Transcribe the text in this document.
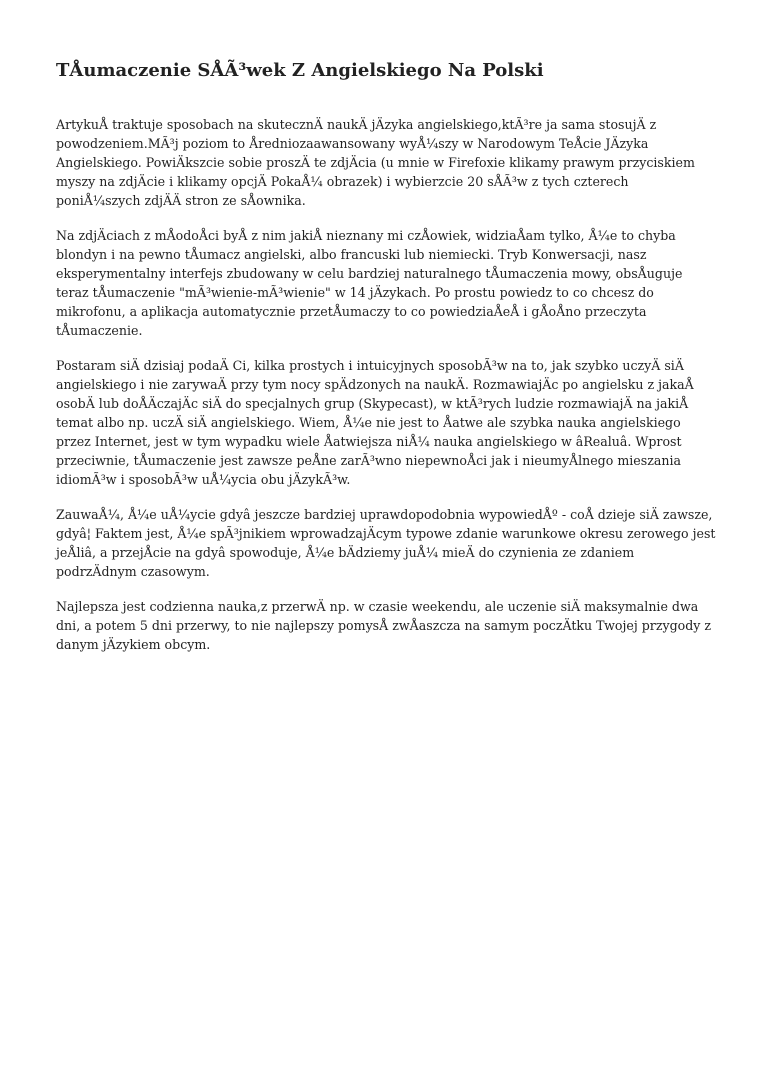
TÅumaczenie SÅÃ³wek Z Angielskiego Na Polski

ArtykuÅ traktuje sposobach na skutecznÄ naukÄ jÄzyka angielskiego,ktÃ³re ja sama stosujÄ z powodzeniem.MÃ³j poziom to Åredniozaawansowany wyÅ¼szy w Narodowym TeÅcie JÄzyka Angielskiego. PowiÄkszcie sobie proszÄ te zdjÄcia (u mnie w Firefoxie klikamy prawym przyciskiem myszy na zdjÄcie i klikamy opcjÄ PokaÅ¼ obrazek) i wybierzcie 20 sÅÃ³w z tych czterech poniÅ¼szych zdjÄÄ stron ze sÅownika.

Na zdjÄciach z mÅodoÅci byÅ z nim jakiÅ nieznany mi czÅowiek, widziaÅam tylko, Å¼e to chyba blondyn i na pewno tÅumacz angielski, albo francuski lub niemiecki. Tryb Konwersacji, nasz eksperymentalny interfejs zbudowany w celu bardziej naturalnego tÅumaczenia mowy, obsÅuguje teraz tÅumaczenie "mÃ³wienie-mÃ³wienie" w 14 jÄzykach. Po prostu powiedz to co chcesz do mikrofonu, a aplikacja automatycznie przetÅumaczy to co powiedziaÅeÅ i gÅoÅno przeczyta tÅumaczenie.

Postaram siÄ dzisiaj podaÄ Ci, kilka prostych i intuicyjnych sposobÃ³w na to, jak szybko uczyÄ siÄ angielskiego i nie zarywaÄ przy tym nocy spÄdzonych na naukÄ. RozmawiajÄc po angielsku z jakaÅ osobÄ lub doÅÄczajÄc siÄ do specjalnych grup (Skypecast), w ktÃ³rych ludzie rozmawiajÄ na jakiÅ temat albo np. uczÄ siÄ angielskiego. Wiem, Å¼e nie jest to Åatwe ale szybka nauka angielskiego przez Internet, jest w tym wypadku wiele Åatwiejsza niÅ¼ nauka angielskiego w âRealuâ. Wprost przeciwnie, tÅumaczenie jest zawsze peÅne zarÃ³wno niepewnoÅci jak i nieumyÅlnego mieszania idiomÃ³w i sposobÃ³w uÅ¼ycia obu jÄzykÃ³w.

ZauwaÅ¼, Å¼e uÅ¼ycie gdyâ jeszcze bardziej uprawdopodobnia wypowiedÅº - coÅ dzieje siÄ zawsze, gdyâ¦ Faktem jest, Å¼e spÃ³jnikiem wprowadzajÄcym typowe zdanie warunkowe okresu zerowego jest jeÅliâ, a przejÅcie na gdyâ spowoduje, Å¼e bÄdziemy juÅ¼ mieÄ do czynienia ze zdaniem podrzÄdnym czasowym.

Najlepsza jest codzienna nauka,z przerwÄ np. w czasie weekendu, ale uczenie siÄ maksymalnie dwa dni, a potem 5 dni przerwy, to nie najlepszy pomysÅ zwÅaszcza na samym poczÄtku Twojej przygody z danym jÄzykiem obcym.
